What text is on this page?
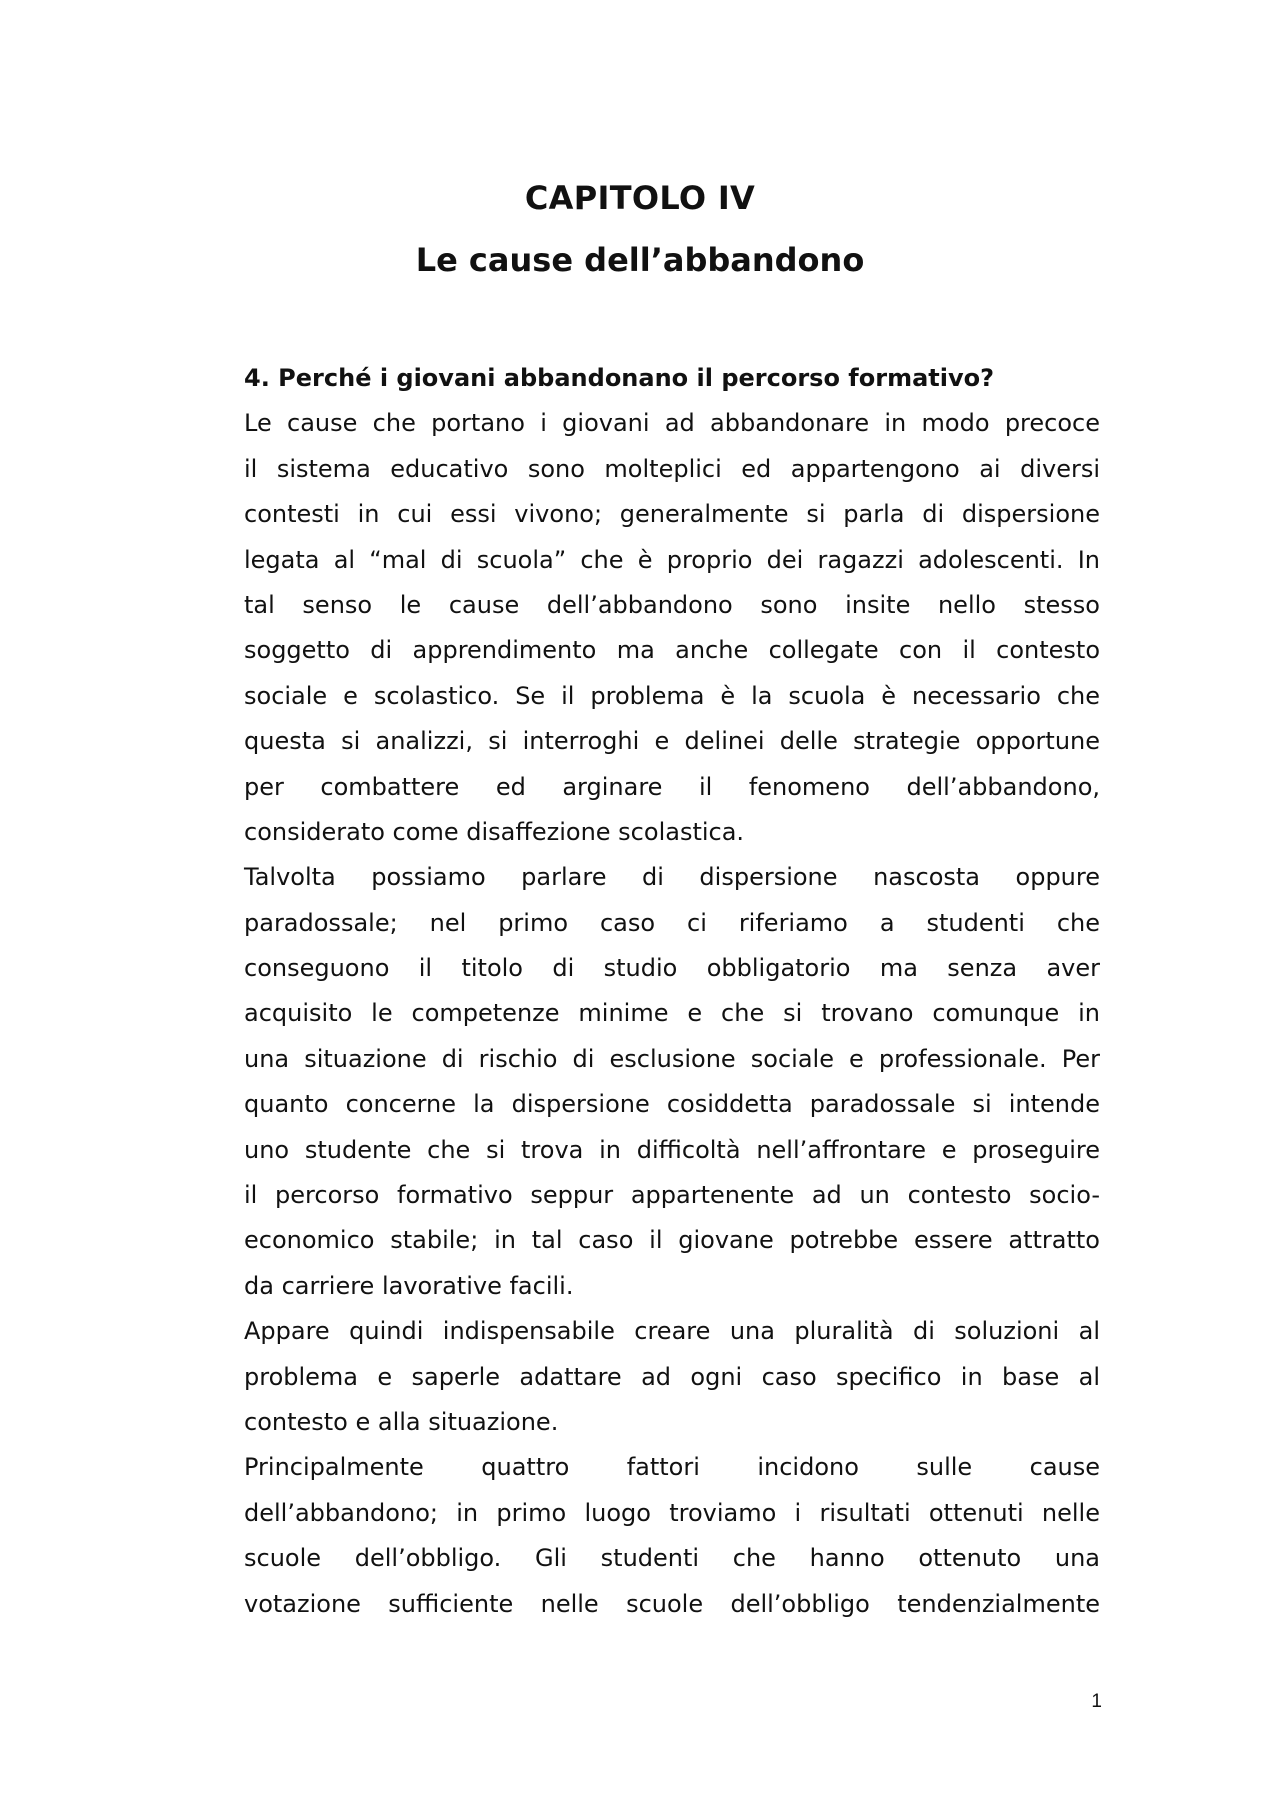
CAPITOLO IV
Le cause dell’abbandono

4. Perché i giovani abbandonano il percorso formativo?

Le cause che portano i giovani ad abbandonare in modo precoce
il sistema educativo sono molteplici ed appartengono ai diversi
contesti in cui essi vivono; generalmente si parla di dispersione
legata al “mal di scuola” che è proprio dei ragazzi adolescenti. In
tal senso le cause dell’abbandono sono insite nello stesso
soggetto di apprendimento ma anche collegate con il contesto
sociale e scolastico. Se il problema è la scuola è necessario che
questa si analizzi, si interroghi e delinei delle strategie opportune
per combattere ed arginare il fenomeno dell’abbandono,
considerato come disaffezione scolastica.

Talvolta possiamo parlare di dispersione nascosta oppure
paradossale; nel primo caso ci riferiamo a studenti che
conseguono il titolo di studio obbligatorio ma senza aver
acquisito le competenze minime e che si trovano comunque in
una situazione di rischio di esclusione sociale e professionale. Per
quanto concerne la dispersione cosiddetta paradossale si intende
uno studente che si trova in difficoltà nell’affrontare e proseguire
il percorso formativo seppur appartenente ad un contesto socio-
economico stabile; in tal caso il giovane potrebbe essere attratto
da carriere lavorative facili.

Appare quindi indispensabile creare una pluralità di soluzioni al
problema e saperle adattare ad ogni caso specifico in base al
contesto e alla situazione.

Principalmente quattro fattori incidono sulle cause
dell’abbandono; in primo luogo troviamo i risultati ottenuti nelle
scuole dell’obbligo. Gli studenti che hanno ottenuto una
votazione sufficiente nelle scuole dell’obbligo tendenzialmente

1
